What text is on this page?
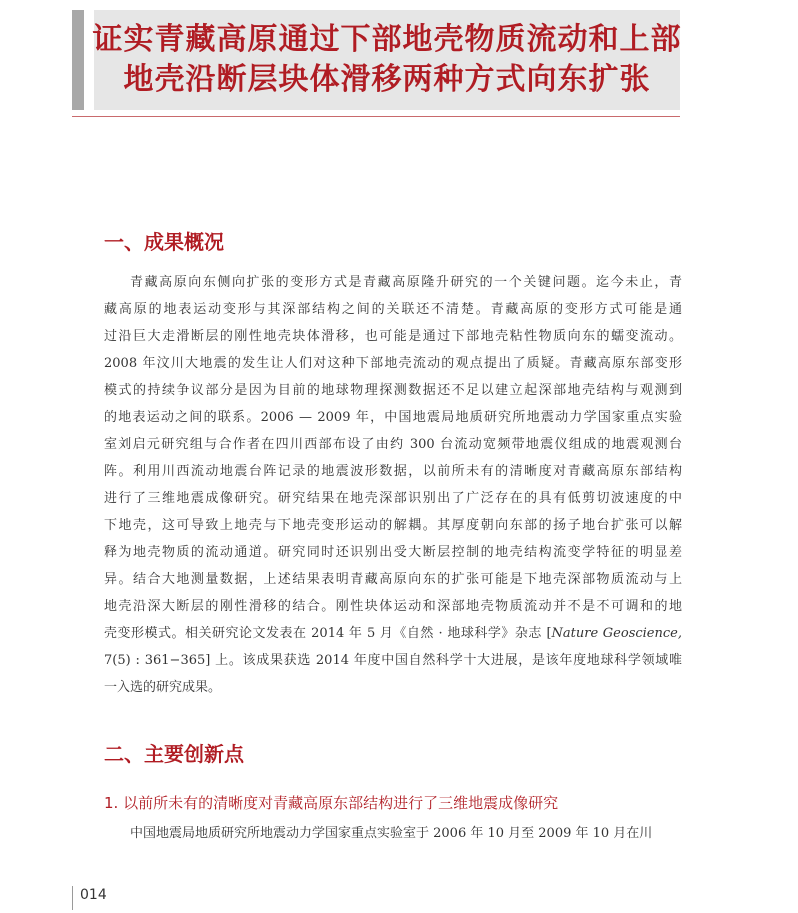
证实青藏高原通过下部地壳物质流动和上部
地壳沿断层块体滑移两种方式向东扩张
一、成果概况
青藏高原向东侧向扩张的变形方式是青藏高原隆升研究的一个关键问题。迄今未止，青
藏高原的地表运动变形与其深部结构之间的关联还不清楚。青藏高原的变形方式可能是通
过沿巨大走滑断层的刚性地壳块体滑移，也可能是通过下部地壳粘性物质向东的蠕变流动。
2008 年汶川大地震的发生让人们对这种下部地壳流动的观点提出了质疑。青藏高原东部变形
模式的持续争议部分是因为目前的地球物理探测数据还不足以建立起深部地壳结构与观测到
的地表运动之间的联系。2006 — 2009 年，中国地震局地质研究所地震动力学国家重点实验
室刘启元研究组与合作者在四川西部布设了由约 300 台流动宽频带地震仪组成的地震观测台
阵。利用川西流动地震台阵记录的地震波形数据，以前所未有的清晰度对青藏高原东部结构
进行了三维地震成像研究。研究结果在地壳深部识别出了广泛存在的具有低剪切波速度的中
下地壳，这可导致上地壳与下地壳变形运动的解耦。其厚度朝向东部的扬子地台扩张可以解
释为地壳物质的流动通道。研究同时还识别出受大断层控制的地壳结构流变学特征的明显差
异。结合大地测量数据，上述结果表明青藏高原向东的扩张可能是下地壳深部物质流动与上
地壳沿深大断层的刚性滑移的结合。刚性块体运动和深部地壳物质流动并不是不可调和的地
壳变形模式。相关研究论文发表在 2014 年 5 月《自然 · 地球科学》杂志 [Nature Geoscience,
7(5) : 361−365] 上。该成果获选 2014 年度中国自然科学十大进展，是该年度地球科学领域唯
一入选的研究成果。
二、主要创新点
1. 以前所未有的清晰度对青藏高原东部结构进行了三维地震成像研究
中国地震局地质研究所地震动力学国家重点实验室于 2006 年 10 月至 2009 年 10 月在川
014
